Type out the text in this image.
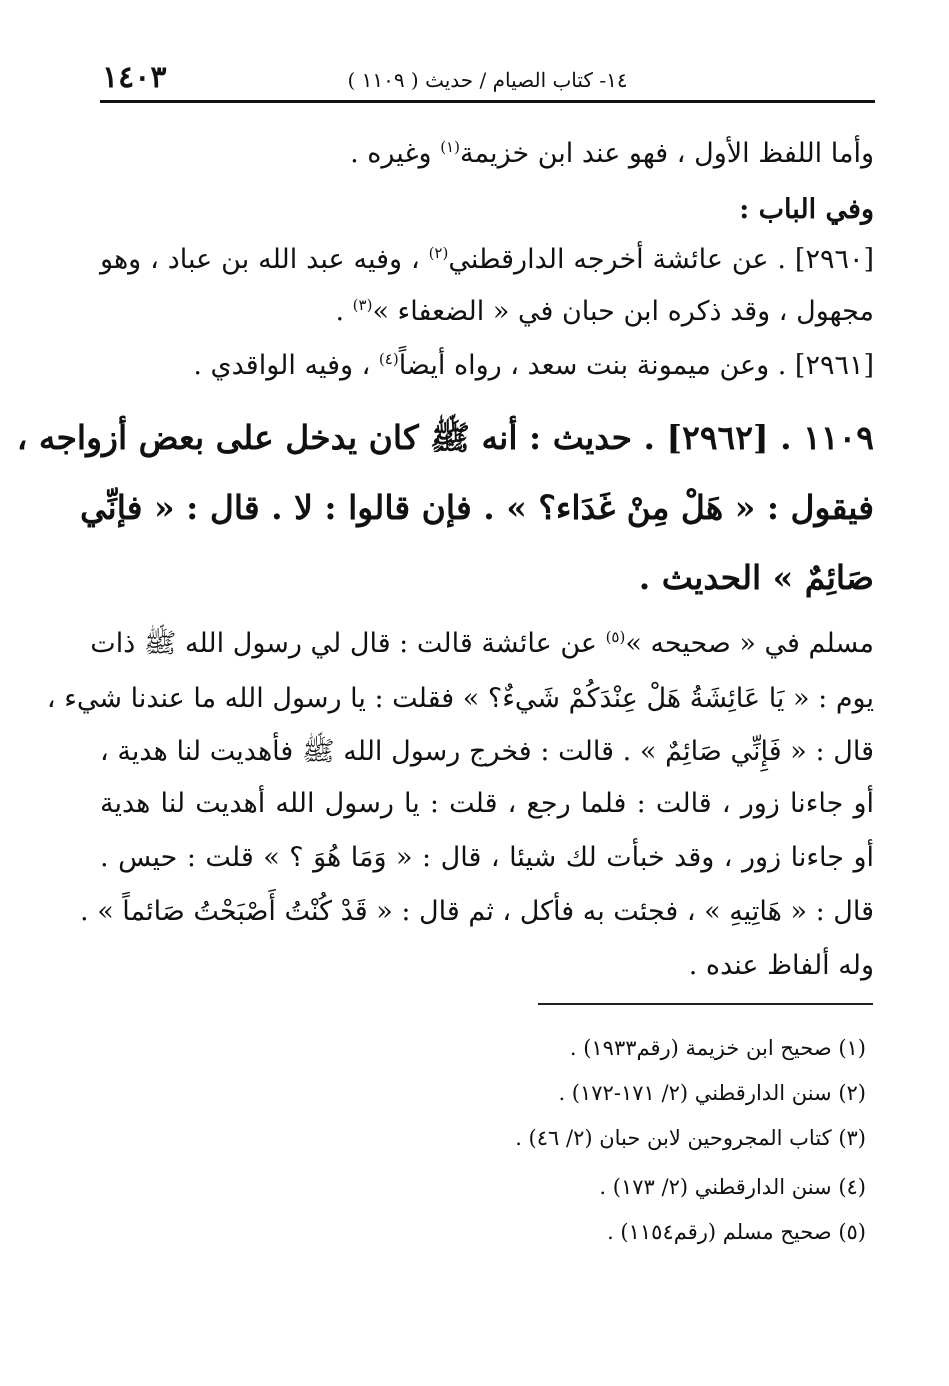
١٤٠٣	١٤- كتاب الصيام / حديث ( ١١٠٩ )
وأما اللفظ الأول ، فهو عند ابن خزيمة$^{(١)}$ وغيره .
وفي الباب :
[٢٩٦٠] . عن عائشة أخرجه الدارقطني$^{(٢)}$ ، وفيه عبد الله بن عباد ، وهو
مجهول ، وقد ذكره ابن حبان في « الضعفاء »$^{(٣)}$ .
[٢٩٦١] . وعن ميمونة بنت سعد ، رواه أيضاً$^{(٤)}$ ، وفيه الواقدي .
١١٠٩ . [٢٩٦٢] . حديث : أنه ﷺ كان يدخل على بعض أزواجه ،
فيقول : « هَلْ مِنْ غَدَاء؟ » . فإن قالوا : لا . قال : « فإنِّي
صَائِمٌ » الحديث .
مسلم في « صحيحه »$^{(٥)}$ عن عائشة قالت : قال لي رسول الله ﷺ ذات
يوم : « يَا عَائِشَةُ هَلْ عِنْدَكُمْ شَيءٌ؟ » فقلت : يا رسول الله ما عندنا شيء ،
قال : « فَإِنِّي صَائِمٌ » . قالت : فخرج رسول الله ﷺ فأهديت لنا هدية ،
أو جاءنا زور ، قالت : فلما رجع ، قلت : يا رسول الله أهديت لنا هدية
أو جاءنا زور ، وقد خبأت لك شيئا ، قال : « وَمَا هُوَ ؟ » قلت : حيس .
قال : « هَاتِيهِ » ، فجئت به فأكل ، ثم قال : « قَدْ كُنْتُ أَصْبَحْتُ صَائماً » .
وله ألفاظ عنده .
(١) صحيح ابن خزيمة (رقم١٩٣٣) .
(٢) سنن الدارقطني (٢/ ١٧١-١٧٢) .
(٣) كتاب المجروحين لابن حبان (٢/ ٤٦) .
(٤) سنن الدارقطني (٢/ ١٧٣) .
(٥) صحيح مسلم (رقم١١٥٤) .
